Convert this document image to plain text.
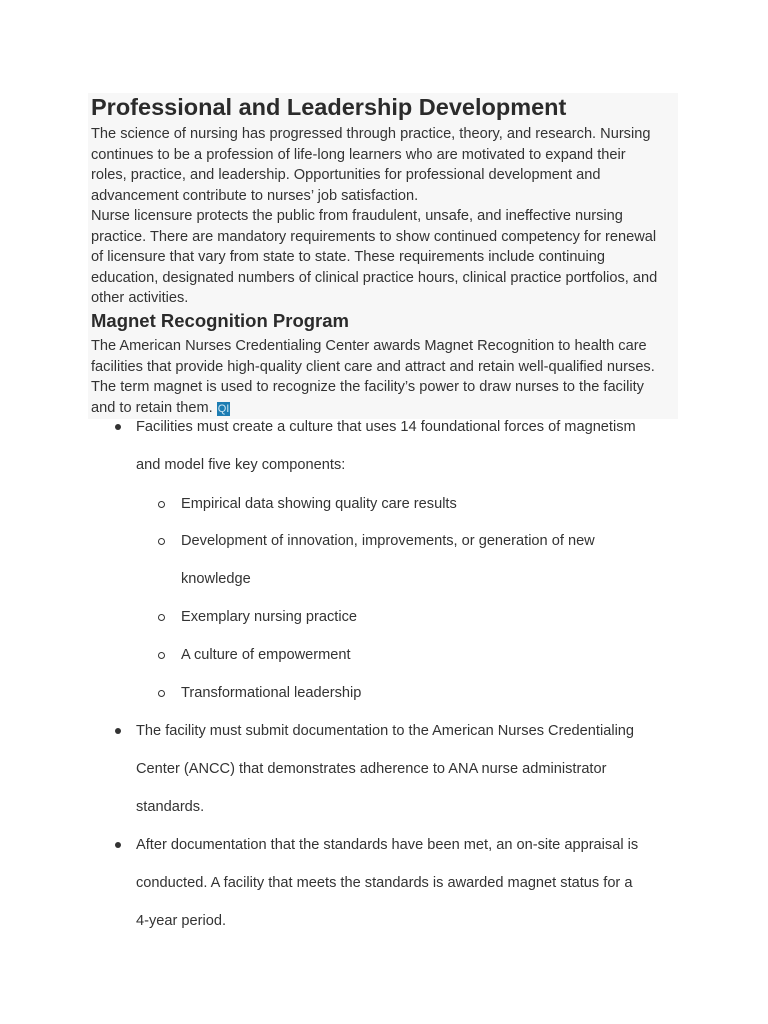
Professional and Leadership Development
The science of nursing has progressed through practice, theory, and research. Nursing
continues to be a profession of life-long learners who are motivated to expand their
roles, practice, and leadership. Opportunities for professional development and
advancement contribute to nurses’ job satisfaction.
Nurse licensure protects the public from fraudulent, unsafe, and ineffective nursing
practice. There are mandatory requirements to show continued competency for renewal
of licensure that vary from state to state. These requirements include continuing
education, designated numbers of clinical practice hours, clinical practice portfolios, and
other activities.
Magnet Recognition Program
The American Nurses Credentialing Center awards Magnet Recognition to health care
facilities that provide high-quality client care and attract and retain well-qualified nurses.
The term magnet is used to recognize the facility’s power to draw nurses to the facility
and to retain them. QI
Facilities must create a culture that uses 14 foundational forces of magnetism
and model five key components:
Empirical data showing quality care results
Development of innovation, improvements, or generation of new
knowledge
Exemplary nursing practice
A culture of empowerment
Transformational leadership
The facility must submit documentation to the American Nurses Credentialing
Center (ANCC) that demonstrates adherence to ANA nurse administrator
standards.
After documentation that the standards have been met, an on-site appraisal is
conducted. A facility that meets the standards is awarded magnet status for a
4-year period.
